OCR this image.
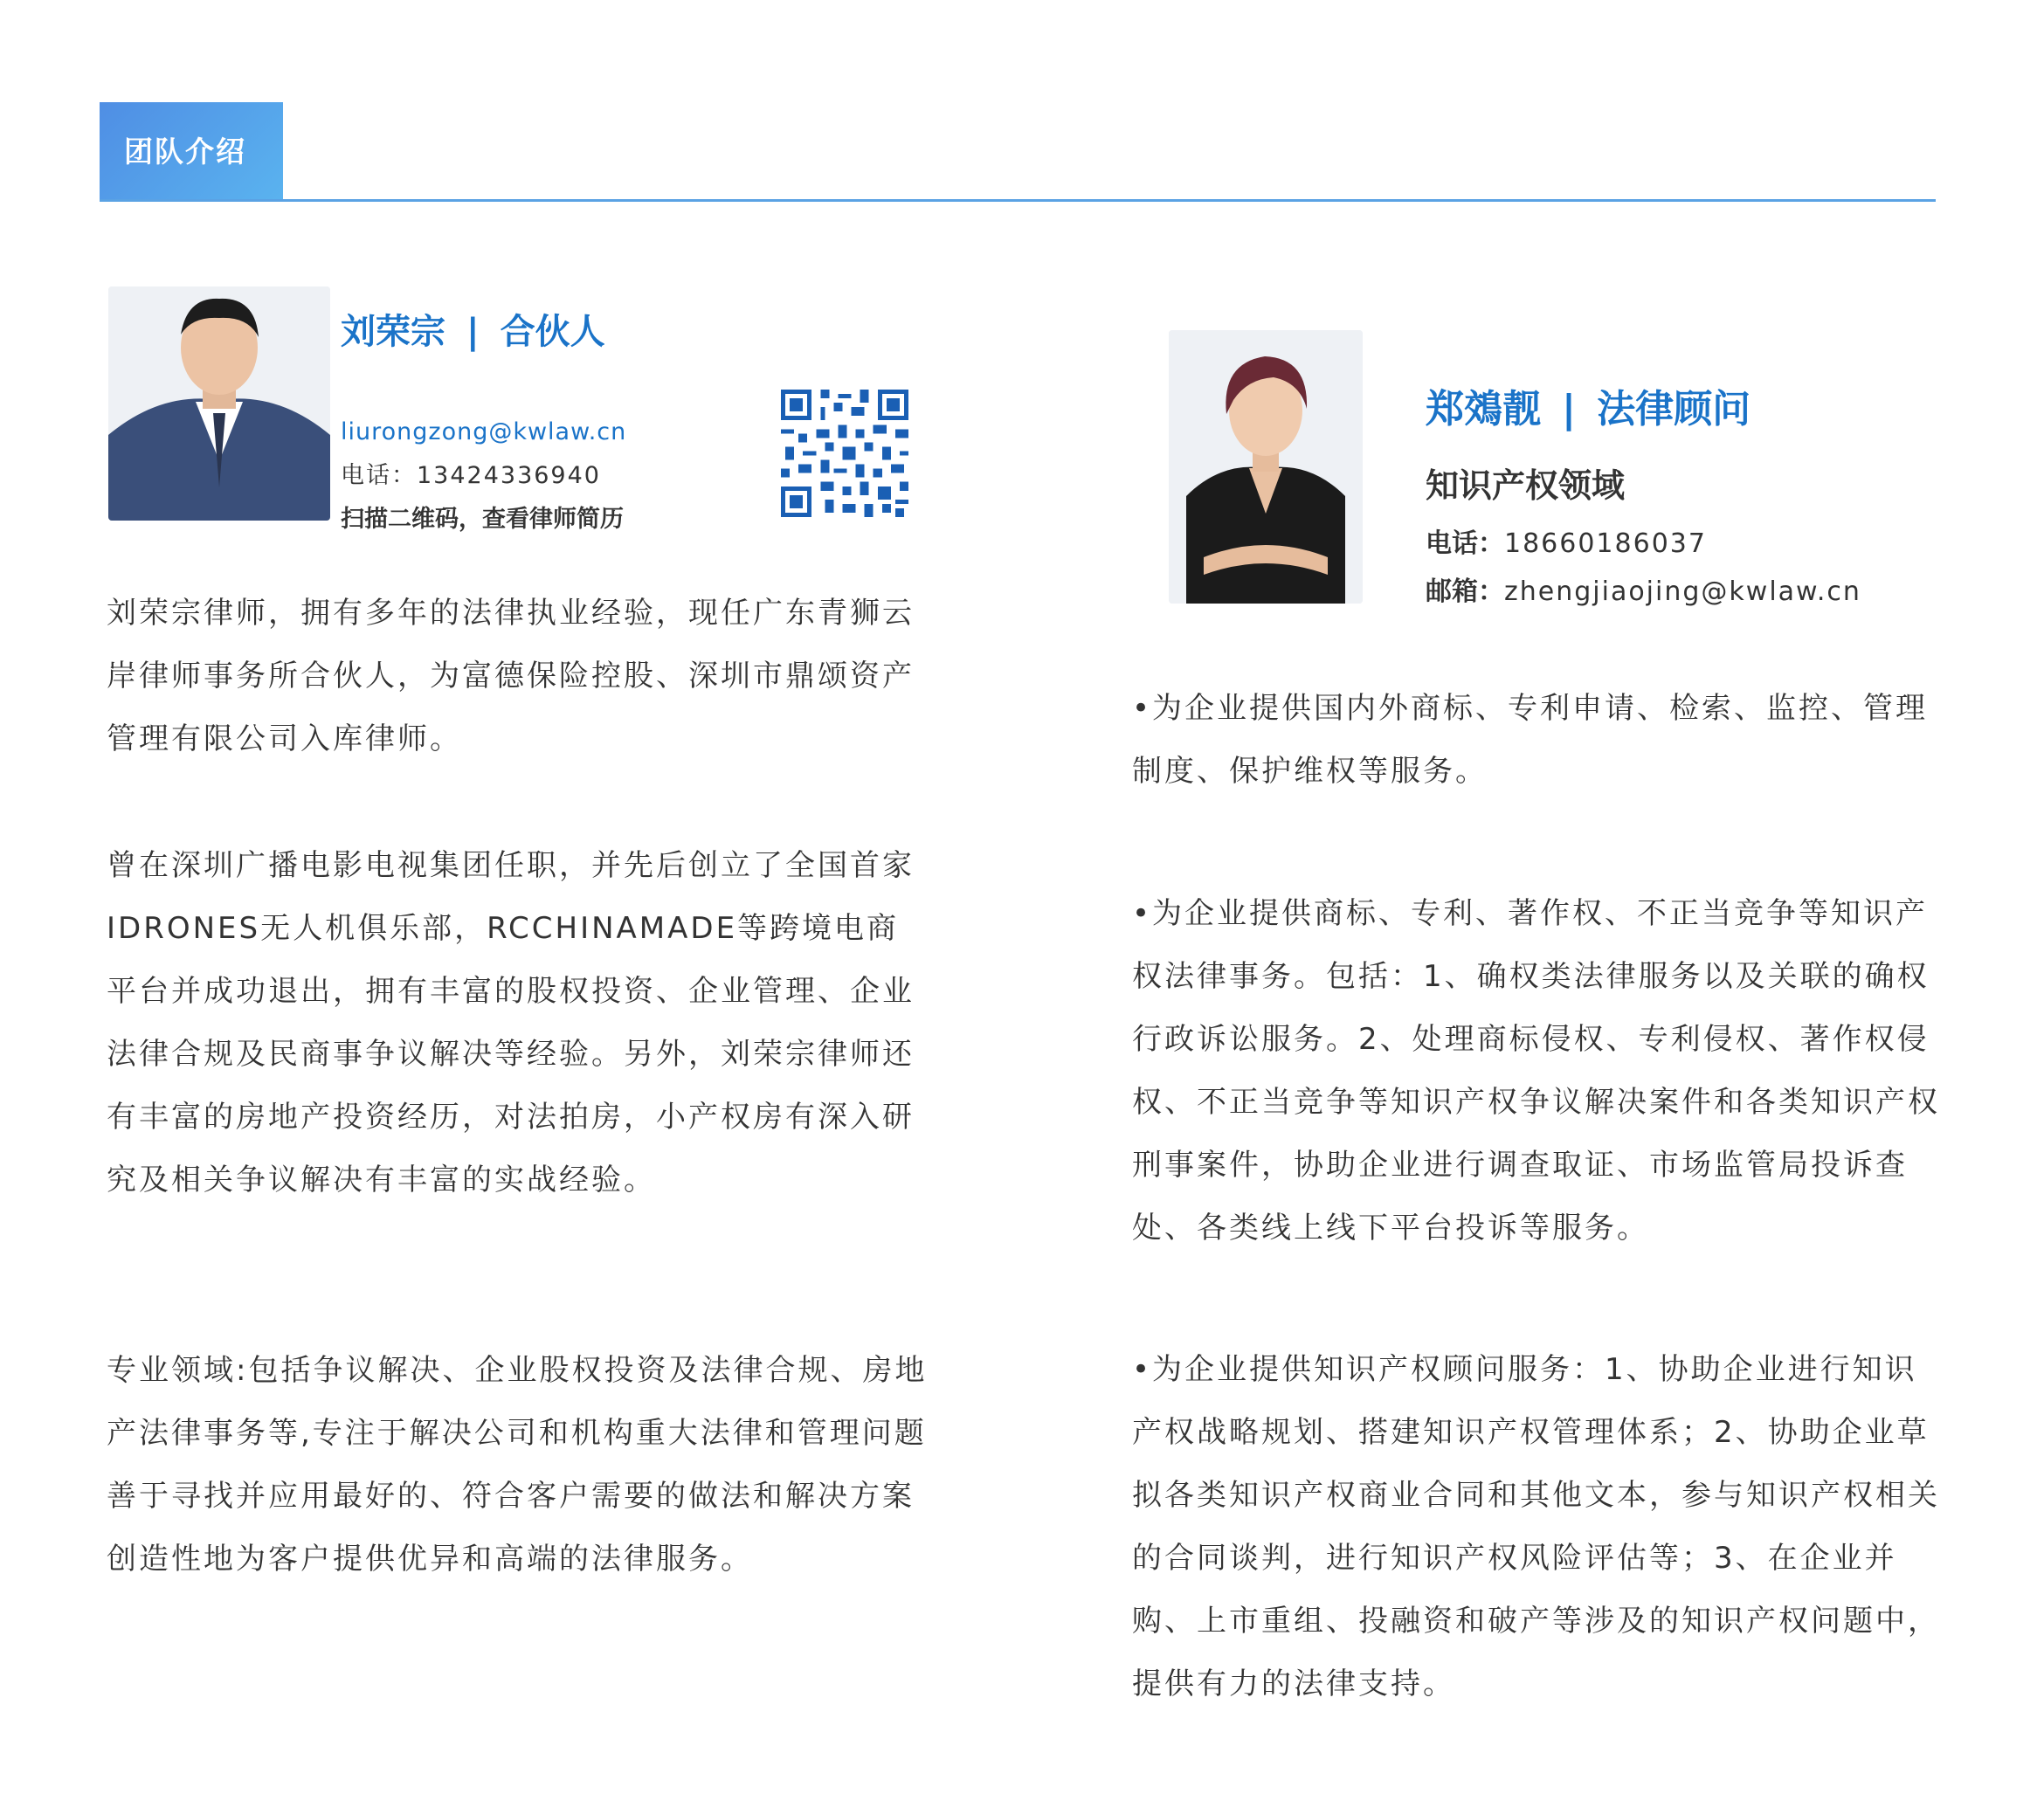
团队介绍
刘荣宗 | 合伙人
liurongzong@kwlaw.cn
电话：13424336940
扫描二维码，查看律师简历

刘荣宗律师，拥有多年的法律执业经验，现任广东青狮云岸律师事务所合伙人，为富德保险控股、深圳市鼎颂资产管理有限公司入库律师。

曾在深圳广播电影电视集团任职，并先后创立了全国首家IDRONES无人机俱乐部，RCCHINAMADE等跨境电商平台并成功退出，拥有丰富的股权投资、企业管理、企业法律合规及民商事争议解决等经验。另外，刘荣宗律师还有丰富的房地产投资经历，对法拍房，小产权房有深入研究及相关争议解决有丰富的实战经验。

专业领域:包括争议解决、企业股权投资及法律合规、房地产法律事务等,专注于解决公司和机构重大法律和管理问题善于寻找并应用最好的、符合客户需要的做法和解决方案创造性地为客户提供优异和高端的法律服务。

郑鵁靓 | 法律顾问
知识产权领域
电话：18660186037
邮箱：zhengjiaojing@kwlaw.cn

•为企业提供国内外商标、专利申请、检索、监控、管理制度、保护维权等服务。

•为企业提供商标、专利、著作权、不正当竞争等知识产权法律事务。包括：1、确权类法律服务以及关联的确权行政诉讼服务。2、处理商标侵权、专利侵权、著作权侵权、不正当竞争等知识产权争议解决案件和各类知识产权刑事案件，协助企业进行调查取证、市场监管局投诉查处、各类线上线下平台投诉等服务。

•为企业提供知识产权顾问服务：1、协助企业进行知识产权战略规划、搭建知识产权管理体系；2、协助企业草拟各类知识产权商业合同和其他文本，参与知识产权相关的合同谈判，进行知识产权风险评估等；3、在企业并购、上市重组、投融资和破产等涉及的知识产权问题中，提供有力的法律支持。
